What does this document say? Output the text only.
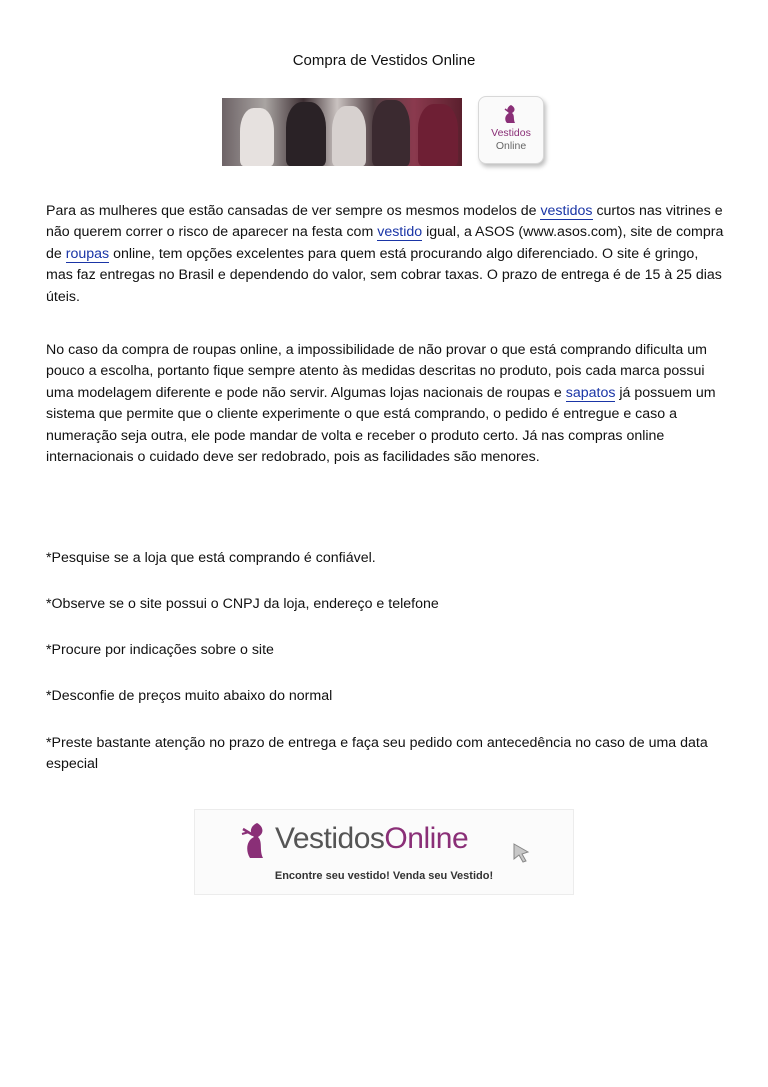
Compra de Vestidos Online
Vestidos
Online

Para as mulheres que estão cansadas de ver sempre os mesmos modelos de vestidos curtos nas vitrines e não querem correr o risco de aparecer na festa com vestido igual, a ASOS (www.asos.com), site de compra de roupas online, tem opções excelentes para quem está procurando algo diferenciado. O site é gringo, mas faz entregas no Brasil e dependendo do valor, sem cobrar taxas. O prazo de entrega é de 15 à 25 dias úteis.

No caso da compra de roupas online, a impossibilidade de não provar o que está comprando dificulta um pouco a escolha, portanto fique sempre atento às medidas descritas no produto, pois cada marca possui uma modelagem diferente e pode não servir. Algumas lojas nacionais de roupas e sapatos já possuem um sistema que permite que o cliente experimente o que está comprando, o pedido é entregue e caso a numeração seja outra, ele pode mandar de volta e receber o produto certo. Já nas compras online internacionais o cuidado deve ser redobrado, pois as facilidades são menores.

*Pesquise se a loja que está comprando é confiável.

*Observe se o site possui o CNPJ da loja, endereço e telefone

*Procure por indicações sobre o site

*Desconfie de preços muito abaixo do normal

*Preste bastante atenção no prazo de entrega e faça seu pedido com antecedência no caso de uma data especial

VestidosOnline
Encontre seu vestido! Venda seu Vestido!
